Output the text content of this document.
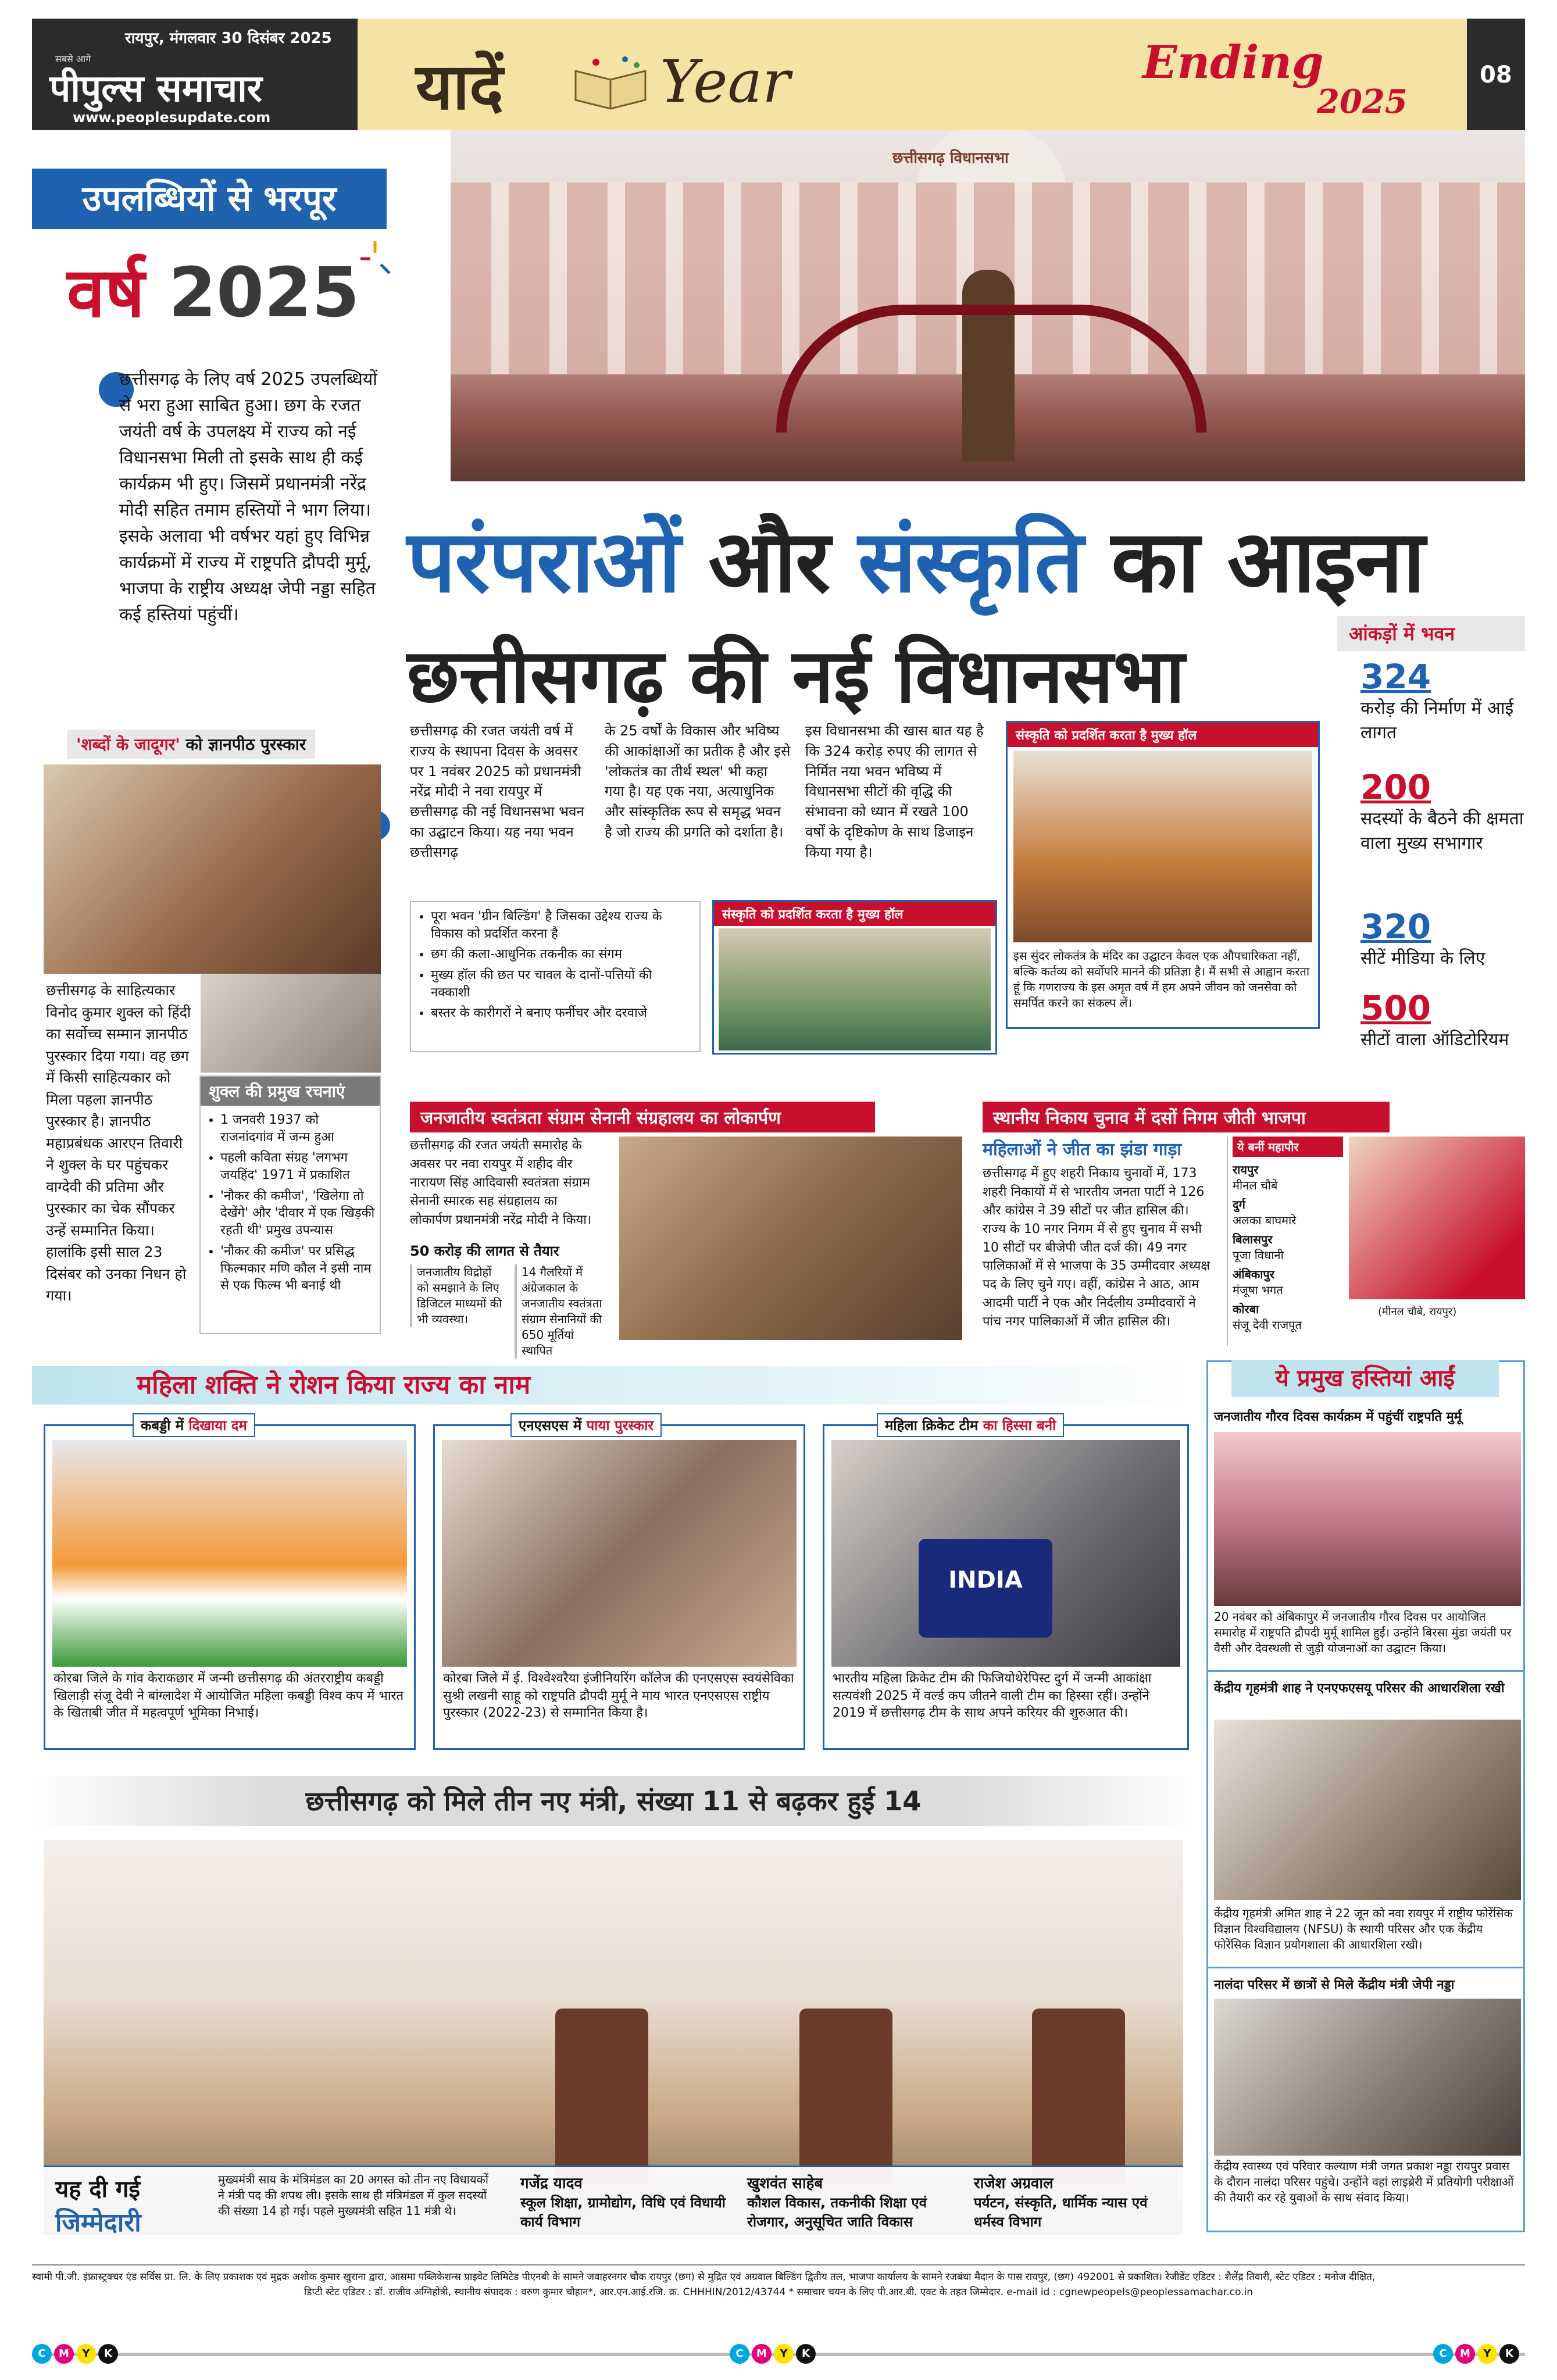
रायपुर, मंगलवार 30 दिसंबर 2025
सबसे आगे
पीपुल्स समाचार
www.peoplesupdate.com यादें	Year	Ending
2025
08
छत्तीसगढ़ विधानसभा
उपलब्धियों से भरपूर
वर्ष 2025
छत्तीसगढ़ के लिए वर्ष 2025 उपलब्धियों से भरा हुआ साबित हुआ। छग के रजत जयंती वर्ष के उपलक्ष्य में राज्य को नई विधानसभा मिली तो इसके साथ ही कई कार्यक्रम भी हुए। जिसमें प्रधानमंत्री नरेंद्र मोदी सहित तमाम हस्तियों ने भाग लिया। इसके अलावा भी वर्षभर यहां हुए विभिन्न कार्यक्रमों में राज्य में राष्ट्रपति द्रौपदी मुर्मू, भाजपा के राष्ट्रीय अध्यक्ष जेपी नड्डा सहित कई हस्तियां पहुंचीं।
परंपराओं और संस्कृति का आइना
छत्तीसगढ़ की नई विधानसभा	आंकड़ों में भवन
324
करोड़ की निर्माण में आई लागत
200
सदस्यों के बैठने की क्षमता वाला मुख्य सभागार
320
सीटें मीडिया के लिए
500
सीटों वाला ऑडिटोरियम
छत्तीसगढ़ की रजत जयंती वर्ष में राज्य के स्थापना दिवस के अवसर पर 1 नवंबर 2025 को प्रधानमंत्री नरेंद्र मोदी ने नवा रायपुर में छत्तीसगढ़ की नई विधानसभा भवन का उद्घाटन किया। यह नया भवन छत्तीसगढ़
के 25 वर्षों के विकास और भविष्य की आकांक्षाओं का प्रतीक है और इसे 'लोकतंत्र का तीर्थ स्थल' भी कहा गया है। यह एक नया, अत्याधुनिक और सांस्कृतिक रूप से समृद्ध भवन है जो राज्य की प्रगति को दर्शाता है।
इस विधानसभा की खास बात यह है कि 324 करोड़ रुपए की लागत से निर्मित नया भवन भविष्य में विधानसभा सीटों की वृद्धि की संभावना को ध्यान में रखते 100 वर्षों के दृष्टिकोण के साथ डिजाइन किया गया है।
संस्कृति को प्रदर्शित करता है मुख्य हॉल
इस सुंदर लोकतंत्र के मंदिर का उद्घाटन केवल एक औपचारिकता नहीं, बल्कि कर्तव्य को सर्वोपरि मानने की प्रतिज्ञा है। मैं सभी से आह्वान करता हूं कि गणराज्य के इस अमृत वर्ष में हम अपने जीवन को जनसेवा को समर्पित करने का संकल्प लें।
• पूरा भवन 'ग्रीन बिल्डिंग' है जिसका उद्देश्य राज्य के विकास को प्रदर्शित करना है
• छग की कला-आधुनिक तकनीक का संगम
• मुख्य हॉल की छत पर चावल के दानों-पत्तियों की नक्काशी
• बस्तर के कारीगरों ने बनाए फर्नीचर और दरवाजे
संस्कृति को प्रदर्शित करता है मुख्य हॉल
'शब्दों के जादूगर' को ज्ञानपीठ पुरस्कार
छत्तीसगढ़ के साहित्यकार विनोद कुमार शुक्ल को हिंदी का सर्वोच्च सम्मान ज्ञानपीठ पुरस्कार दिया गया। वह छग में किसी साहित्यकार को मिला पहला ज्ञानपीठ पुरस्कार है। ज्ञानपीठ महाप्रबंधक आरएन तिवारी ने शुक्ल के घर पहुंचकर वाग्देवी की प्रतिमा और पुरस्कार का चेक सौंपकर उन्हें सम्मानित किया। हालांकि इसी साल 23 दिसंबर को उनका निधन हो गया।
शुक्ल की प्रमुख रचनाएं
• 1 जनवरी 1937 को राजनांदगांव में जन्म हुआ
• पहली कविता संग्रह 'लगभग जयहिंद' 1971 में प्रकाशित
• 'नौकर की कमीज', 'खिलेगा तो देखेंगे' और 'दीवार में एक खिड़की रहती थी' प्रमुख उपन्यास
• 'नौकर की कमीज' पर प्रसिद्ध फिल्मकार मणि कौल ने इसी नाम से एक फिल्म भी बनाई थी
जनजातीय स्वतंत्रता संग्राम सेनानी संग्रहालय का लोकार्पण
छत्तीसगढ़ की रजत जयंती समारोह के अवसर पर नवा रायपुर में शहीद वीर नारायण सिंह आदिवासी स्वतंत्रता संग्राम सेनानी स्मारक सह संग्रहालय का लोकार्पण प्रधानमंत्री नरेंद्र मोदी ने किया।
50 करोड़ की लागत से तैयार
जनजातीय विद्रोहों को समझाने के लिए डिजिटल माध्यमों की भी व्यवस्था।
14 गैलरियों में अंग्रेजकाल के जनजातीय स्वतंत्रता संग्राम सेनानियों की 650 मूर्तियां स्थापित
स्थानीय निकाय चुनाव में दसों निगम जीती भाजपा
महिलाओं ने जीत का झंडा गाड़ा
छत्तीसगढ़ में हुए शहरी निकाय चुनावों में, 173 शहरी निकायों में से भारतीय जनता पार्टी ने 126 और कांग्रेस ने 39 सीटों पर जीत हासिल की। राज्य के 10 नगर निगम में से हुए चुनाव में सभी 10 सीटों पर बीजेपी जीत दर्ज की। 49 नगर पालिकाओं में से भाजपा के 35 उम्मीदवार अध्यक्ष पद के लिए चुने गए। वहीं, कांग्रेस ने आठ, आम आदमी पार्टी ने एक और निर्दलीय उम्मीदवारों ने पांच नगर पालिकाओं में जीत हासिल की।
ये बनीं महापौर
रायपुर
मीनल चौबे
दुर्ग
अलका बाघमारे
बिलासपुर
पूजा विधानी
अंबिकापुर
मंजूषा भगत
कोरबा
संजू देवी राजपूत
(मीनल चौबे, रायपुर)
महिला शक्ति ने रोशन किया राज्य का नाम
कबड्डी में दिखाया दम
कोरबा जिले के गांव केराकछार में जन्मी छत्तीसगढ़ की अंतरराष्ट्रीय कबड्डी खिलाड़ी संजू देवी ने बांग्लादेश में आयोजित महिला कबड्डी विश्व कप में भारत के खिताबी जीत में महत्वपूर्ण भूमिका निभाई।
एनएसएस में पाया पुरस्कार
कोरबा जिले में ई. विश्वेश्वरैया इंजीनियरिंग कॉलेज की एनएसएस स्वयंसेविका सुश्री लखनी साहू को राष्ट्रपति द्रौपदी मुर्मू ने माय भारत एनएसएस राष्ट्रीय पुरस्कार (2022-23) से सम्मानित किया है।
महिला क्रिकेट टीम का हिस्सा बनी
INDIA
भारतीय महिला क्रिकेट टीम की फिजियोथेरेपिस्ट दुर्ग में जन्मी आकांक्षा सत्यवंशी 2025 में वर्ल्ड कप जीतने वाली टीम का हिस्सा रहीं। उन्होंने 2019 में छत्तीसगढ़ टीम के साथ अपने करियर की शुरुआत की।
ये प्रमुख हस्तियां आईं
जनजातीय गौरव दिवस कार्यक्रम में पहुंचीं राष्ट्रपति मुर्मू
20 नवंबर को अंबिकापुर में जनजातीय गौरव दिवस पर आयोजित समारोह में राष्ट्रपति द्रौपदी मुर्मू शामिल हुईं। उन्होंने बिरसा मुंडा जयंती पर वैसी और देवस्थली से जुड़ी योजनाओं का उद्घाटन किया।
केंद्रीय गृहमंत्री शाह ने एनएफएसयू परिसर की आधारशिला रखी
केंद्रीय गृहमंत्री अमित शाह ने 22 जून को नवा रायपुर में राष्ट्रीय फोरेंसिक विज्ञान विश्वविद्यालय (NFSU) के स्थायी परिसर और एक केंद्रीय फोरेंसिक विज्ञान प्रयोगशाला की आधारशिला रखी।
नालंदा परिसर में छात्रों से मिले केंद्रीय मंत्री जेपी नड्डा
केंद्रीय स्वास्थ्य एवं परिवार कल्याण मंत्री जगत प्रकाश नड्डा रायपुर प्रवास के दौरान नालंदा परिसर पहुंचे। उन्होंने वहां लाइब्रेरी में प्रतियोगी परीक्षाओं की तैयारी कर रहे युवाओं के साथ संवाद किया।
छत्तीसगढ़ को मिले तीन नए मंत्री, संख्या 11 से बढ़कर हुई 14
यह दी गई
जिम्मेदारी
मुख्यमंत्री साय के मंत्रिमंडल का 20 अगस्त को तीन नए विधायकों ने मंत्री पद की शपथ ली। इसके साथ ही मंत्रिमंडल में कुल सदस्यों की संख्या 14 हो गई। पहले मुख्यमंत्री सहित 11 मंत्री थे।
गजेंद्र यादव
स्कूल शिक्षा, ग्रामोद्योग, विधि एवं विधायी कार्य विभाग
खुशवंत साहेब
कौशल विकास, तकनीकी शिक्षा एवं रोजगार, अनुसूचित जाति विकास
राजेश अग्रवाल
पर्यटन, संस्कृति, धार्मिक न्यास एवं धर्मस्व विभाग
स्वामी पी.जी. इंफ्रास्ट्रक्चर एंड सर्विस प्रा. लि. के लिए प्रकाशक एवं मुद्रक अशोक कुमार खुराना द्वारा, आसमा पब्लिकेशन्स प्राइवेट लिमिटेड पीएनबी के सामने जवाहरनगर चौक रायपुर (छग) से मुद्रित एवं अग्रवाल बिल्डिंग द्वितीय तल, भाजपा कार्यालय के सामने रजबंधा मैदान के पास रायपुर, (छग) 492001 से प्रकाशित। रेजीडेंट एडिटर : शैलेंद्र तिवारी, स्टेट एडिटर : मनोज दीक्षित,
डिप्टी स्टेट एडिटर : डॉ. राजीव अग्निहोत्री, स्थानीय संपादक : वरुण कुमार चौहान*, आर.एन.आई.रजि. क्र. CHHHIN/2012/43744 * समाचार चयन के लिए पी.आर.बी. एक्ट के तहत जिम्मेदार. e-mail id : cgnewpeopels@peoplessamachar.co.in
C M Y K	C M Y K	C M Y K
